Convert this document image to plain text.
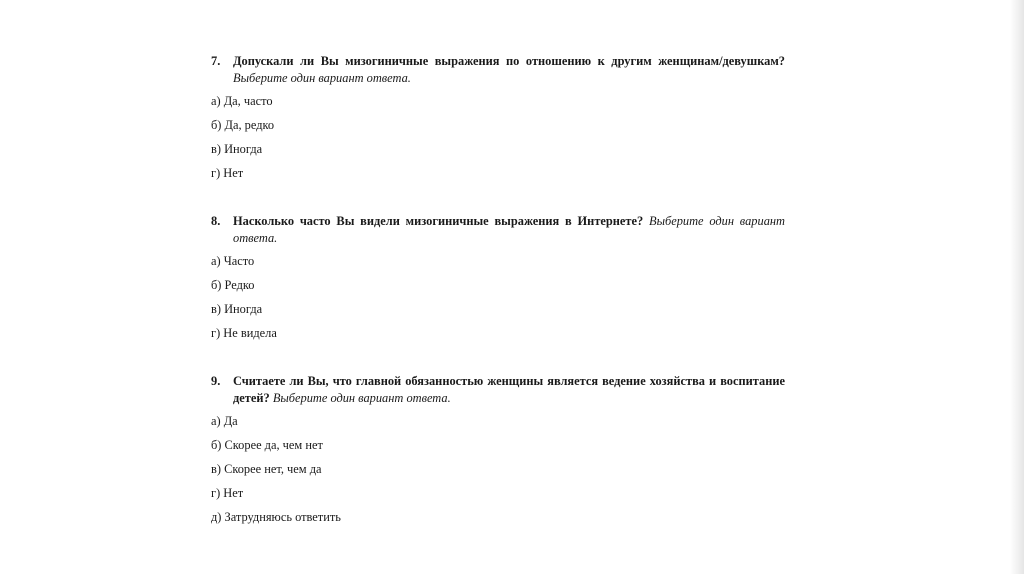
7.	Допускали ли Вы мизогиничные выражения по отношению к другим женщинам/девушкам? Выберите один вариант ответа.
а) Да, часто
б) Да, редко
в) Иногда
г) Нет
8.	Насколько часто Вы видели мизогиничные выражения в Интернете? Выберите один вариант ответа.
а) Часто
б) Редко
в) Иногда
г) Не видела
9.	Считаете ли Вы, что главной обязанностью женщины является ведение хозяйства и воспитание детей? Выберите один вариант ответа.
а) Да
б) Скорее да, чем нет
в) Скорее нет, чем да
г) Нет
д) Затрудняюсь ответить
